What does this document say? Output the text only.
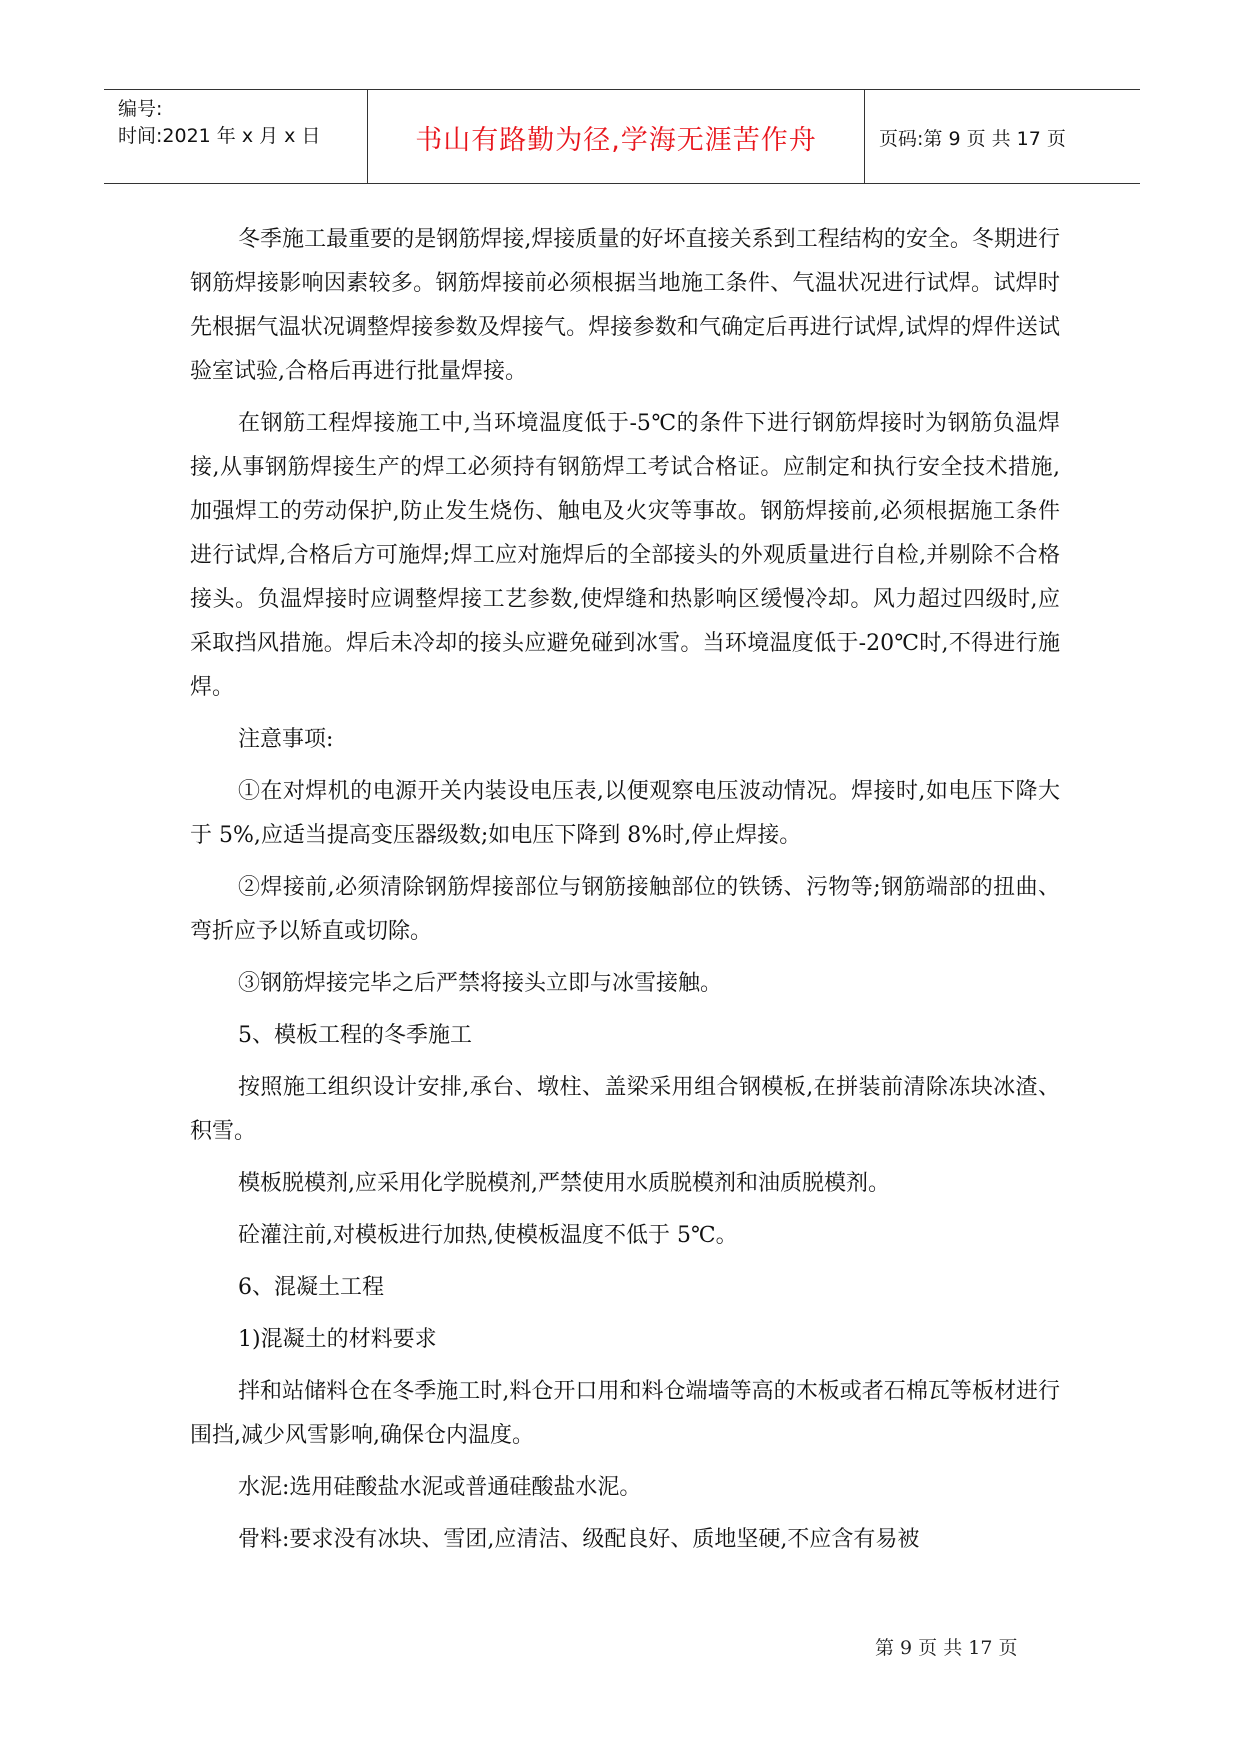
编号:
时间:2021 年 x 月 x 日	书山有路勤为径,学海无涯苦作舟	页码:第 9 页 共 17 页

冬季施工最重要的是钢筋焊接,焊接质量的好坏直接关系到工程结构的安全。冬期进行钢筋焊接影响因素较多。钢筋焊接前必须根据当地施工条件、气温状况进行试焊。试焊时先根据气温状况调整焊接参数及焊接气。焊接参数和气确定后再进行试焊,试焊的焊件送试验室试验,合格后再进行批量焊接。

在钢筋工程焊接施工中,当环境温度低于-5℃的条件下进行钢筋焊接时为钢筋负温焊接,从事钢筋焊接生产的焊工必须持有钢筋焊工考试合格证。应制定和执行安全技术措施,加强焊工的劳动保护,防止发生烧伤、触电及火灾等事故。钢筋焊接前,必须根据施工条件进行试焊,合格后方可施焊;焊工应对施焊后的全部接头的外观质量进行自检,并剔除不合格接头。负温焊接时应调整焊接工艺参数,使焊缝和热影响区缓慢冷却。风力超过四级时,应采取挡风措施。焊后未冷却的接头应避免碰到冰雪。当环境温度低于-20℃时,不得进行施焊。

注意事项:

①在对焊机的电源开关内装设电压表,以便观察电压波动情况。焊接时,如电压下降大于 5%,应适当提高变压器级数;如电压下降到 8%时,停止焊接。

②焊接前,必须清除钢筋焊接部位与钢筋接触部位的铁锈、污物等;钢筋端部的扭曲、弯折应予以矫直或切除。

③钢筋焊接完毕之后严禁将接头立即与冰雪接触。

5、模板工程的冬季施工

按照施工组织设计安排,承台、墩柱、盖梁采用组合钢模板,在拼装前清除冻块冰渣、积雪。

模板脱模剂,应采用化学脱模剂,严禁使用水质脱模剂和油质脱模剂。

砼灌注前,对模板进行加热,使模板温度不低于 5℃。

6、混凝土工程

1)混凝土的材料要求

拌和站储料仓在冬季施工时,料仓开口用和料仓端墙等高的木板或者石棉瓦等板材进行围挡,减少风雪影响,确保仓内温度。

水泥:选用硅酸盐水泥或普通硅酸盐水泥。

骨料:要求没有冰块、雪团,应清洁、级配良好、质地坚硬,不应含有易被

第 9 页 共 17 页
